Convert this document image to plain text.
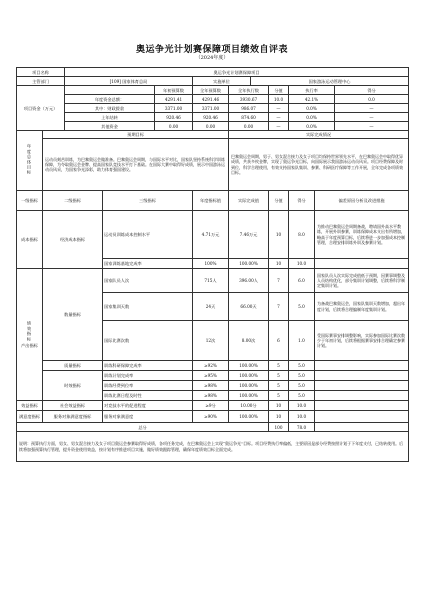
奥运争光计划赛保障项目绩效自评表
（2024年度）
项目名称		奥运争光计划赛保障项目									
主管部门		[109] 国家体育总局			实施单位		国家游泳运动管理中心				
项目资金（万元）				年初预算数	全年预算数	全年执行数		分值	执行率		得分
		年度资金总额：		4291.41	4291.46	3930.67		10.0	42.1%		0.0
		其中：财政拨款		3371.00	3371.00	986.07		—	0.0%		—
		上年结转		920.46	920.46	874.60		—	0.0%		—
		其他资金		0.00	0.00	0.00		—	0.0%		—
年度总体目标	预期目标					实际完成情况					
	运动员刻苦训练，为巴黎奥运会做准备。巴黎奥运会周期，与国际水平对比，国家队坚持系统科学训练保障，为夺取奥运会金牌、提高国家队竞技水平打下基础。在国际大赛中取得好成绩，展示中国游泳运动员风采，为国家争光添彩，助力体育强国建设。					巴黎奥运会周期，男子、男女混合接力及女子项目均保持世界领先水平，在巴黎奥运会中取得优异成绩，共获多枚金牌，实现了奥运争光目标，向国际展示我国游泳运动员风采。项目经费保障及时到位，科学合理使用，有效支持国家队集训、参赛、科研医疗保障等工作开展，全年完成各项绩效目标。					
一级指标	二级指标		三级指标		年度指标值	实际完成值		分值	得分	偏差原因分析及改进措施	
成本指标	经济成本指标		运动员训练成本控制水平		4.71万元	7.46万元		10	8.0	为推动巴黎奥运会周期备战，聘请国外高水平教练，开展外训参赛，训练保障成本支出有所增加，略高于年度预算目标，后续将进一步加强成本控制管理，合理安排训练外训及参赛计划。	
			国家训练基地完成率		100%	100.00%		10	10.0		
绩效指标
产出指标	数量指标		国家队员人次		715人	396.00人		7	6.0	国家队员人次实际完成值低于预期，因赛事调整及人员结构优化，部分集训计划调整，后续将科学制定集训计划。	
			国家集训天数		24天	66.00天		7	5.0	为备战巴黎奥运会，国家队集训天数增加，超出年度计划，后续将合理编制年度集训计划。	
			国际比赛次数		12次	8.00次		6	1.0	受国际赛事安排调整影响，实际参加国际比赛次数少于年初计划，后续将根据赛事安排合理确定参赛计划。	
	质量指标		训练科研保障完成率		≥92%	100.00%		5	5.0		
	时效指标		训练计划完成率		≥95%	100.00%		5	5.0		
			训练经费到位率		≥98%	100.00%		5	5.0		
			训练比赛日程及时性		≥98%	100.00%		5	5.0		
效益指标	社会效益指标		对竞技水平的促进程度		≥9分	10.00分		10	10.0		
满意度指标	服务对象满意度指标		服务对象满意度		≥90%	100.00%		10	10.0		
总分								100	78.0		
说明：预算执行方面，男女、男女混合接力及女子项目奥运会参赛取得好成绩，各项任务完成，在巴黎奥运会上实现“奥运争光”目标。项目经费执行率偏低，主要原因是部分经费按照计划于下年度支付，已结转使用。后续将加强预算执行管理，提升资金使用效益，按计划有序推进项目实施，做好绩效跟踪管理，确保年度绩效目标全面完成。											
